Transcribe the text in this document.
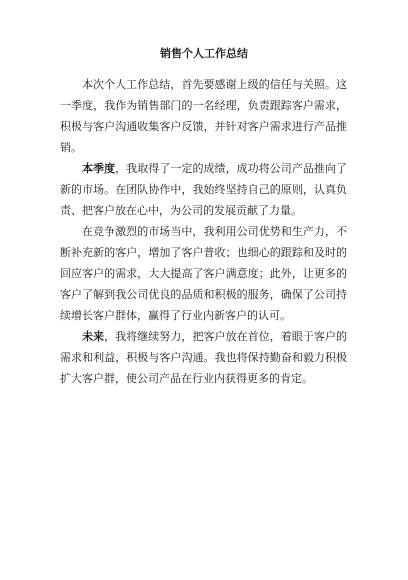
销售个人工作总结

本次个人工作总结，首先要感谢上级的信任与关照。这一季度，我作为销售部门的一名经理，负责跟踪客户需求，积极与客户沟通收集客户反馈，并针对客户需求进行产品推销。

本季度，我取得了一定的成绩，成功将公司产品推向了新的市场。在团队协作中，我始终坚持自己的原则，认真负责、把客户放在心中，为公司的发展贡献了力量。

在竞争激烈的市场当中，我利用公司优势和生产力，不断补充新的客户，增加了客户普收；也细心的跟踪和及时的回应客户的需求，大大提高了客户满意度；此外，让更多的客户了解到我公司优良的品质和积极的服务，确保了公司持续增长客户群体，赢得了行业内新客户的认可。

未来，我将继续努力，把客户放在首位，着眼于客户的需求和利益，积极与客户沟通。我也将保持勤奋和毅力积极扩大客户群，使公司产品在行业内获得更多的肯定。
